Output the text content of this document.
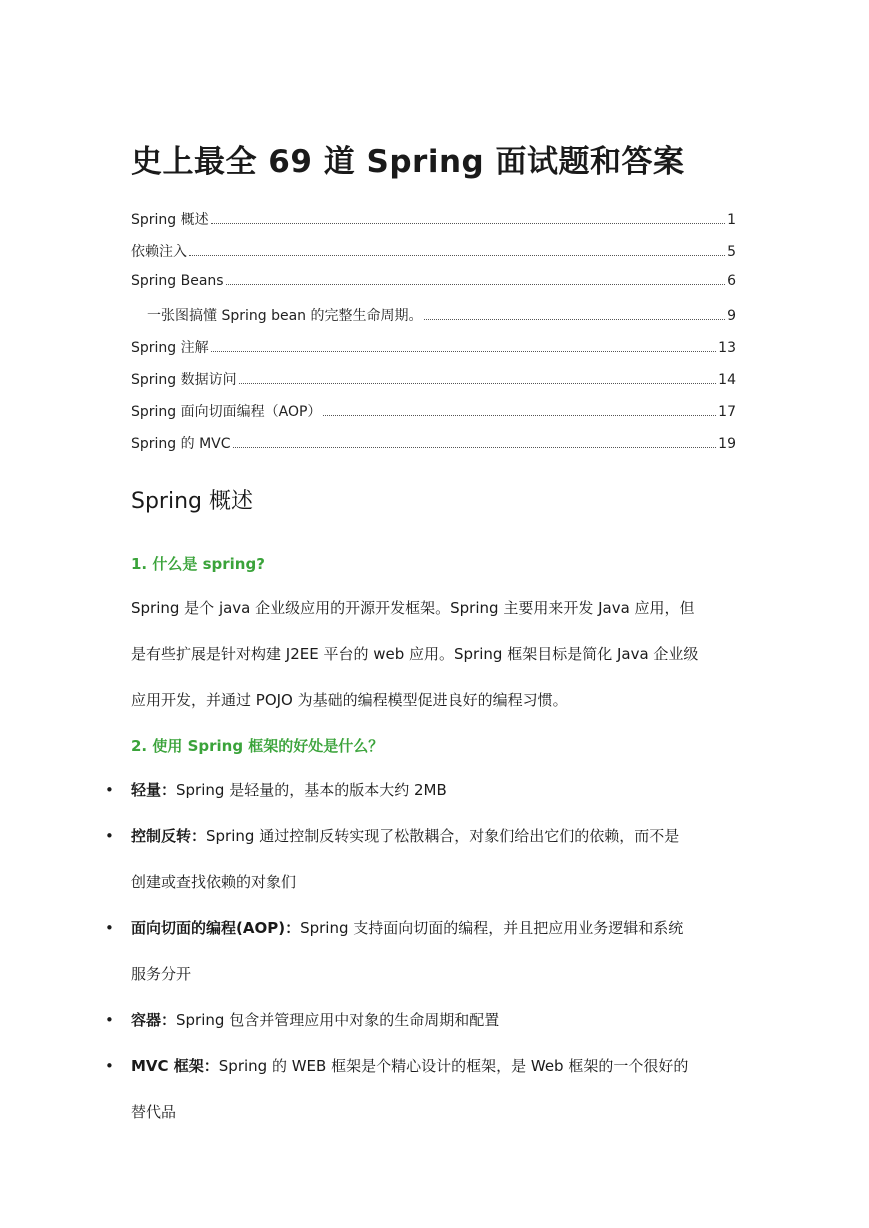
史上最全 69 道 Spring 面试题和答案
Spring 概述	1
依赖注入	5
Spring Beans	6
一张图搞懂 Spring bean 的完整生命周期。	9
Spring 注解	13
Spring 数据访问	14
Spring 面向切面编程（AOP）	17
Spring 的 MVC	19
Spring 概述

1. 什么是 spring?

Spring 是个 java 企业级应用的开源开发框架。Spring 主要用来开发 Java 应用，但
是有些扩展是针对构建 J2EE 平台的 web 应用。Spring 框架目标是简化 Java 企业级
应用开发，并通过 POJO 为基础的编程模型促进良好的编程习惯。

2. 使用 Spring 框架的好处是什么？

• 轻量：Spring 是轻量的，基本的版本大约 2MB
• 控制反转：Spring 通过控制反转实现了松散耦合，对象们给出它们的依赖，而不是
创建或查找依赖的对象们
• 面向切面的编程(AOP)：Spring 支持面向切面的编程，并且把应用业务逻辑和系统
服务分开
• 容器：Spring 包含并管理应用中对象的生命周期和配置
• MVC 框架：Spring 的 WEB 框架是个精心设计的框架，是 Web 框架的一个很好的
替代品
